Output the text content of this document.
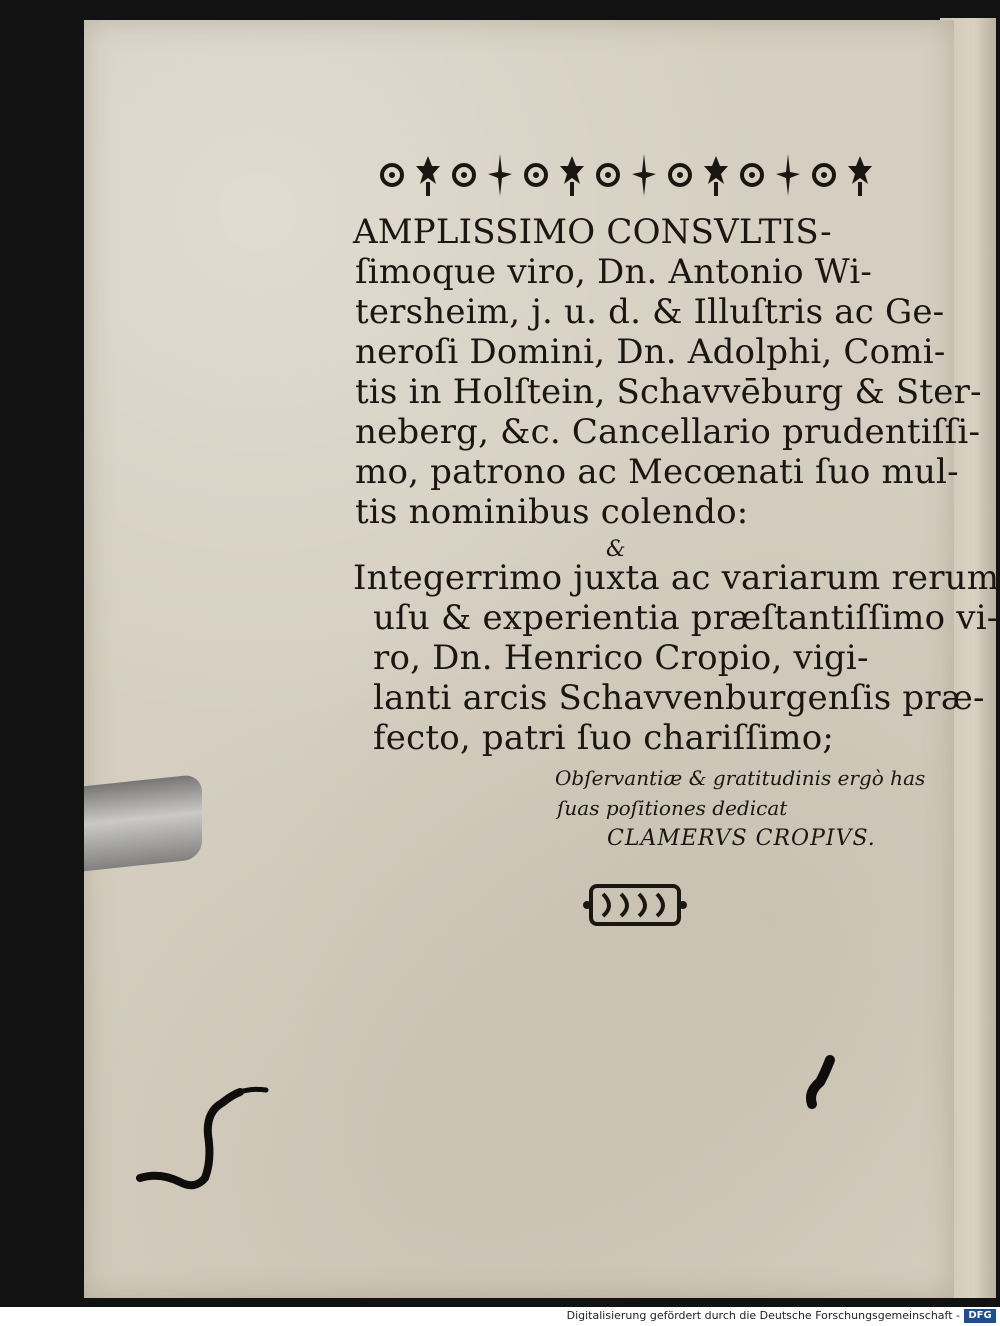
AMPLISSIMO CONSVLTIS-
ſimoque viro, Dn. Antonio Wi-
tersheim, j. u. d. & Illuſtris ac Ge-
neroſi Domini, Dn. Adolphi, Comi-
tis in Holſtein, Schavvēburg & Ster-
neberg, &c. Cancellario prudentiſſi-
mo, patrono ac Mecœnati ſuo mul-
tis nominibus colendo:
&
Integerrimo juxta ac variarum rerum
uſu & experientia præſtantiſſimo vi-
ro, Dn. Henrico Cropio, vigi-
lanti arcis Schavvenburgenſis præ-
fecto, patri ſuo chariſſimo;
Obſervantiæ & gratitudinis ergò has
ſuas poſitiones dedicat
CLAMERVS CROPIVS.
Digitalisierung gefördert durch die Deutsche Forschungsgemeinschaft - DFG
